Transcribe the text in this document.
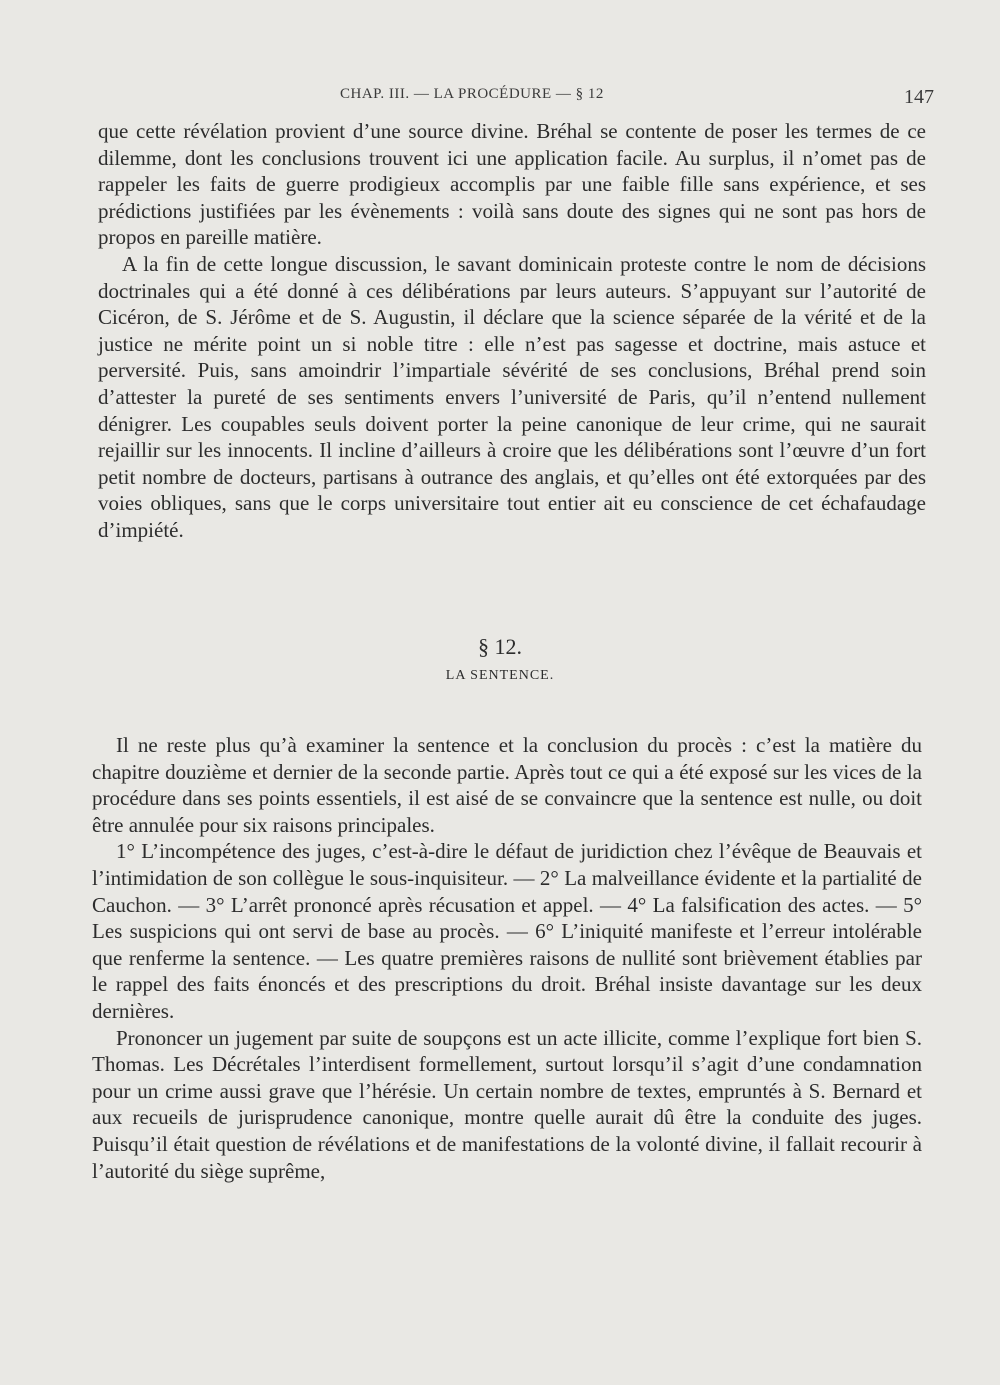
CHAP. III. — LA PROCÉDURE — § 12	147

que cette révélation provient d’une source divine. Bréhal se contente de poser les termes de ce dilemme, dont les conclusions trouvent ici une application facile. Au surplus, il n’omet pas de rappeler les faits de guerre prodigieux accomplis par une faible fille sans expérience, et ses prédictions justifiées par les évènements : voilà sans doute des signes qui ne sont pas hors de propos en pareille matière.

A la fin de cette longue discussion, le savant dominicain proteste contre le nom de décisions doctrinales qui a été donné à ces délibérations par leurs auteurs. S’appuyant sur l’autorité de Cicéron, de S. Jérôme et de S. Augustin, il déclare que la science séparée de la vérité et de la justice ne mérite point un si noble titre : elle n’est pas sagesse et doctrine, mais astuce et perversité. Puis, sans amoindrir l’impartiale sévérité de ses conclusions, Bréhal prend soin d’attester la pureté de ses sentiments envers l’université de Paris, qu’il n’entend nullement dénigrer. Les coupables seuls doivent porter la peine canonique de leur crime, qui ne saurait rejaillir sur les innocents. Il incline d’ailleurs à croire que les délibérations sont l’œuvre d’un fort petit nombre de docteurs, partisans à outrance des anglais, et qu’elles ont été extorquées par des voies obliques, sans que le corps universitaire tout entier ait eu conscience de cet échafaudage d’impiété.

§ 12.
LA SENTENCE.

Il ne reste plus qu’à examiner la sentence et la conclusion du procès : c’est la matière du chapitre douzième et dernier de la seconde partie. Après tout ce qui a été exposé sur les vices de la procédure dans ses points essentiels, il est aisé de se convaincre que la sentence est nulle, ou doit être annulée pour six raisons principales.

1° L’incompétence des juges, c’est-à-dire le défaut de juridiction chez l’évêque de Beauvais et l’intimidation de son collègue le sous-inquisiteur. — 2° La malveillance évidente et la partialité de Cauchon. — 3° L’arrêt prononcé après récusation et appel. — 4° La falsification des actes. — 5° Les suspicions qui ont servi de base au procès. — 6° L’iniquité manifeste et l’erreur intolérable que renferme la sentence. — Les quatre premières raisons de nullité sont brièvement établies par le rappel des faits énoncés et des prescriptions du droit. Bréhal insiste davantage sur les deux dernières.

Prononcer un jugement par suite de soupçons est un acte illicite, comme l’explique fort bien S. Thomas. Les Décrétales l’interdisent formellement, surtout lorsqu’il s’agit d’une condamnation pour un crime aussi grave que l’hérésie. Un certain nombre de textes, empruntés à S. Bernard et aux recueils de jurisprudence canonique, montre quelle aurait dû être la conduite des juges. Puisqu’il était question de révélations et de manifestations de la volonté divine, il fallait recourir à l’autorité du siège suprême,
